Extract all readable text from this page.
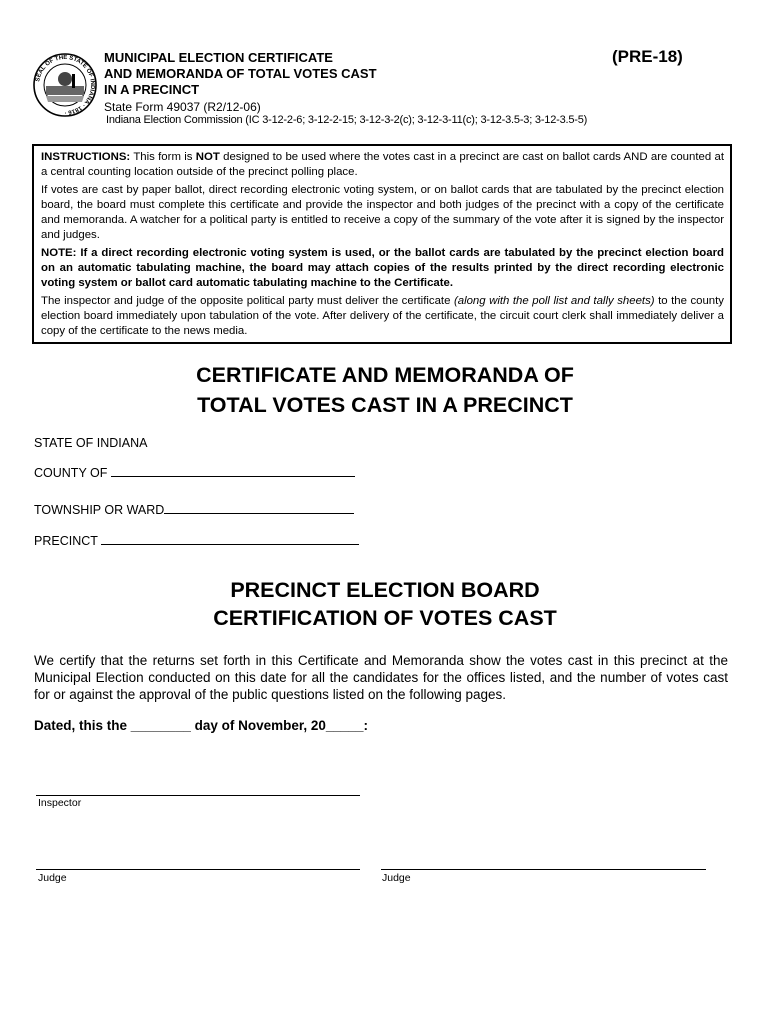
SEAL OF THE STATE OF INDIANA · 1816 ·
MUNICIPAL ELECTION CERTIFICATE
AND MEMORANDA OF TOTAL VOTES CAST
IN A PRECINCT
(PRE-18)
State Form 49037 (R2/12-06)
Indiana Election Commission (IC 3-12-2-6; 3-12-2-15; 3-12-3-2(c); 3-12-3-11(c); 3-12-3.5-3; 3-12-3.5-5)

INSTRUCTIONS: This form is NOT designed to be used where the votes cast in a precinct are cast on ballot cards AND are counted at a central counting location outside of the precinct polling place.

If votes are cast by paper ballot, direct recording electronic voting system, or on ballot cards that are tabulated by the precinct election board, the board must complete this certificate and provide the inspector and both judges of the precinct with a copy of the certificate and memoranda. A watcher for a political party is entitled to receive a copy of the summary of the vote after it is signed by the inspector and judges.

NOTE: If a direct recording electronic voting system is used, or the ballot cards are tabulated by the precinct election board on an automatic tabulating machine, the board may attach copies of the results printed by the direct recording electronic voting system or ballot card automatic tabulating machine to the Certificate.

The inspector and judge of the opposite political party must deliver the certificate (along with the poll list and tally sheets) to the county election board immediately upon tabulation of the vote. After delivery of the certificate, the circuit court clerk shall immediately deliver a copy of the certificate to the news media.

CERTIFICATE AND MEMORANDA OF
TOTAL VOTES CAST IN A PRECINCT
STATE OF INDIANA
COUNTY OF
TOWNSHIP OR WARD
PRECINCT
PRECINCT ELECTION BOARD
CERTIFICATION OF VOTES CAST
We certify that the returns set forth in this Certificate and Memoranda show the votes cast in this precinct at the Municipal Election conducted on this date for all the candidates for the offices listed, and the number of votes cast for or against the approval of the public questions listed on the following pages.
Dated, this the ________ day of November, 20_____:
Inspector
Judge	Judge
